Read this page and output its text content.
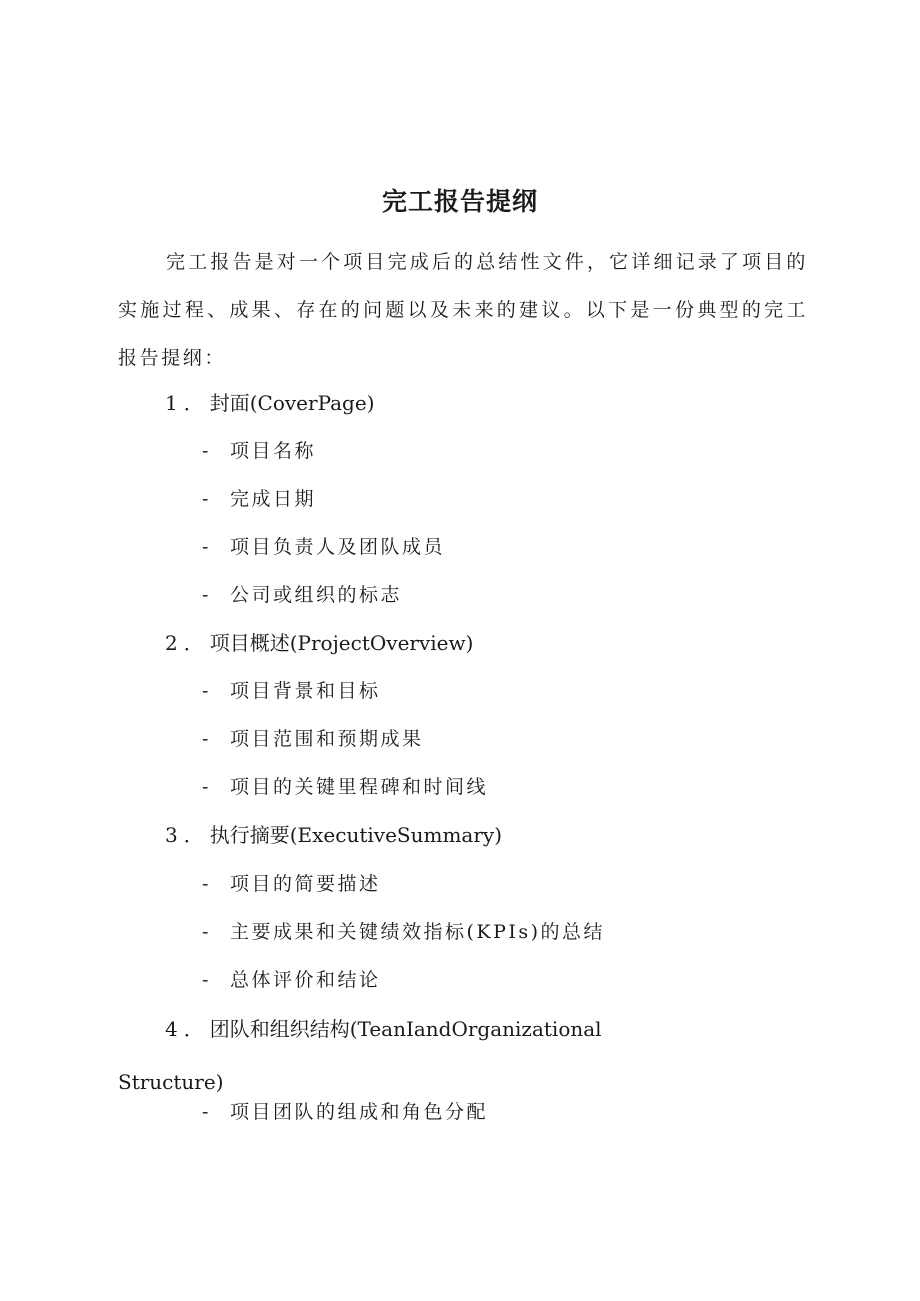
完工报告提纲
完工报告是对一个项目完成后的总结性文件，它详细记录了项目的实施过程、成果、存在的问题以及未来的建议。以下是一份典型的完工报告提纲：
1．封面(CoverPage)
- 项目名称
- 完成日期
- 项目负责人及团队成员
- 公司或组织的标志
2．项目概述(ProjectOverview)
- 项目背景和目标
- 项目范围和预期成果
- 项目的关键里程碑和时间线
3．执行摘要(ExecutiveSummary)
- 项目的简要描述
- 主要成果和关键绩效指标(KPIs)的总结
- 总体评价和结论
4．团队和组织结构(TeanIandOrganizational
Structure)
- 项目团队的组成和角色分配
